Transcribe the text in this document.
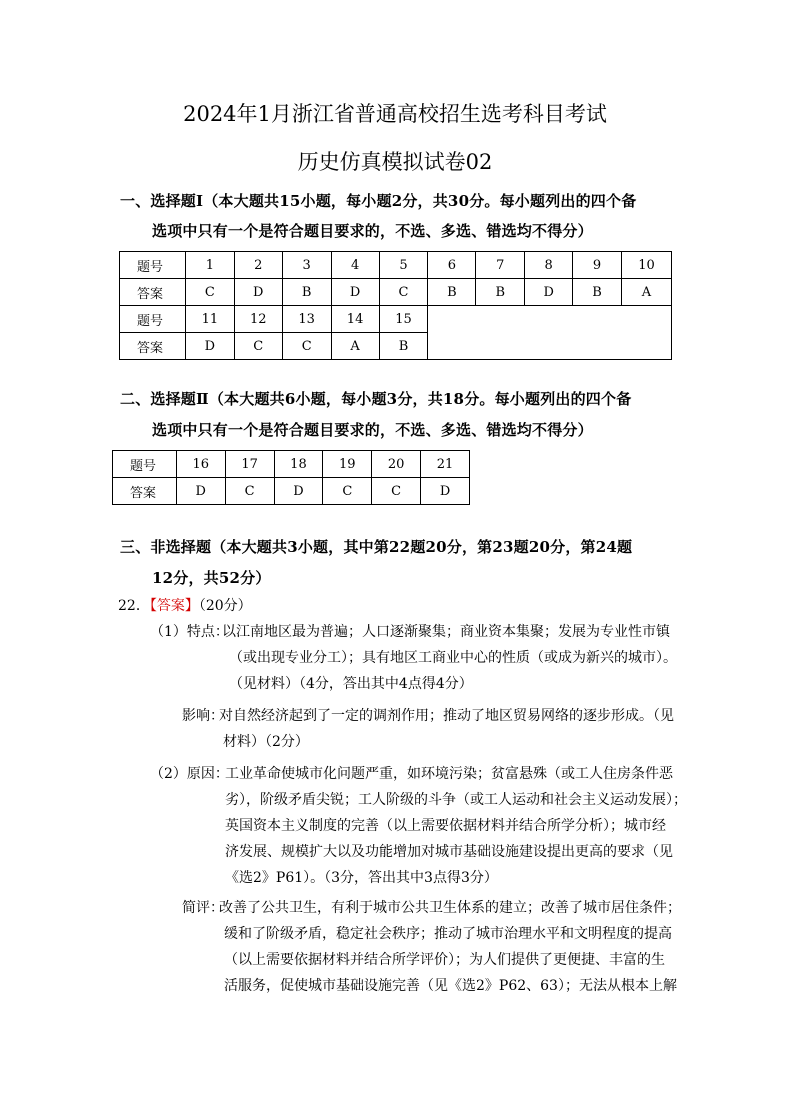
2024年1月浙江省普通高校招生选考科目考试
历史仿真模拟试卷02
一、选择题Ⅰ（本大题共15小题，每小题2分，共30分。每小题列出的四个备
选项中只有一个是符合题目要求的，不选、多选、错选均不得分）
题号	1	2	3	4	5	6	7	8	9	10
答案	C	D	B	D	C	B	B	D	B	A
题号	11	12	13	14	15					
答案	D	C	C	A	B					
二、选择题Ⅱ（本大题共6小题，每小题3分，共18分。每小题列出的四个备
选项中只有一个是符合题目要求的，不选、多选、错选均不得分）
题号	16	17	18	19	20	21
答案	D	C	D	C	C	D
三、非选择题（本大题共3小题，其中第22题20分，第23题20分，第24题
12分，共52分）
22．【答案】（20分）
（1）特点：
以江南地区最为普遍；人口逐渐聚集；商业资本集聚；发展为专业性市镇
（或出现专业分工）；具有地区工商业中心的性质（或成为新兴的城市）。
（见材料）（4分，答出其中4点得4分）
影响：
对自然经济起到了一定的调剂作用；推动了地区贸易网络的逐步形成。（见
材料）（2分）
（2）原因：
工业革命使城市化问题严重，如环境污染；贫富悬殊（或工人住房条件恶
劣），阶级矛盾尖锐；工人阶级的斗争（或工人运动和社会主义运动发展）；
英国资本主义制度的完善（以上需要依据材料并结合所学分析）；城市经
济发展、规模扩大以及功能增加对城市基础设施建设提出更高的要求（见
《选2》P61）。（3分，答出其中3点得3分）
简评：
改善了公共卫生，有利于城市公共卫生体系的建立；改善了城市居住条件；
缓和了阶级矛盾，稳定社会秩序；推动了城市治理水平和文明程度的提高
（以上需要依据材料并结合所学评价）；为人们提供了更便捷、丰富的生
活服务，促使城市基础设施完善（见《选2》P62、63）；无法从根本上解
